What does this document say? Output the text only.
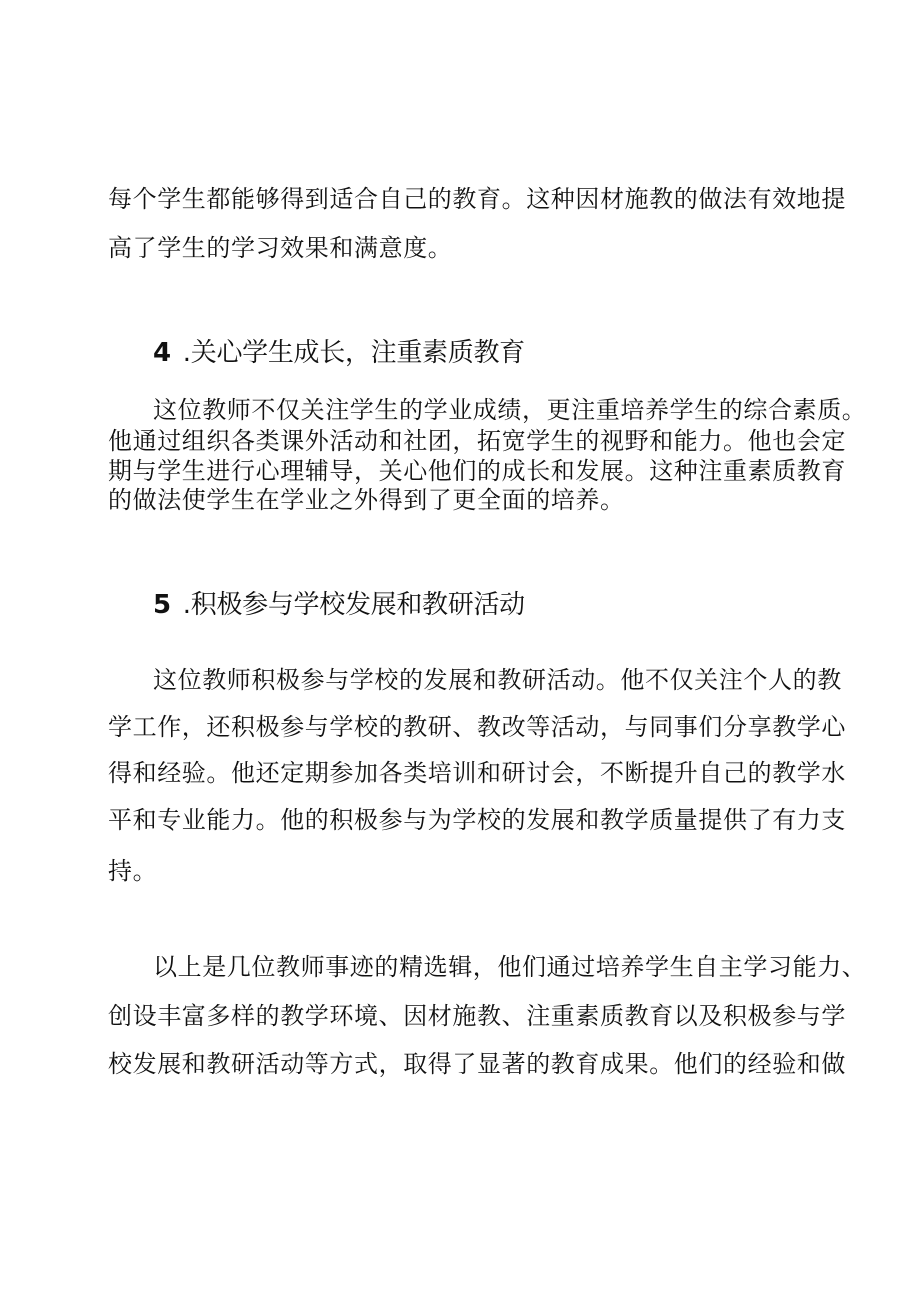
每个学生都能够得到适合自己的教育。这种因材施教的做法有效地提
高了学生的学习效果和满意度。
4 .关心学生成长，注重素质教育
这位教师不仅关注学生的学业成绩，更注重培养学生的综合素质。
他通过组织各类课外活动和社团，拓宽学生的视野和能力。他也会定
期与学生进行心理辅导，关心他们的成长和发展。这种注重素质教育
的做法使学生在学业之外得到了更全面的培养。
5 .积极参与学校发展和教研活动
这位教师积极参与学校的发展和教研活动。他不仅关注个人的教
学工作，还积极参与学校的教研、教改等活动，与同事们分享教学心
得和经验。他还定期参加各类培训和研讨会，不断提升自己的教学水
平和专业能力。他的积极参与为学校的发展和教学质量提供了有力支
持。
以上是几位教师事迹的精选辑，他们通过培养学生自主学习能力、
创设丰富多样的教学环境、因材施教、注重素质教育以及积极参与学
校发展和教研活动等方式，取得了显著的教育成果。他们的经验和做
